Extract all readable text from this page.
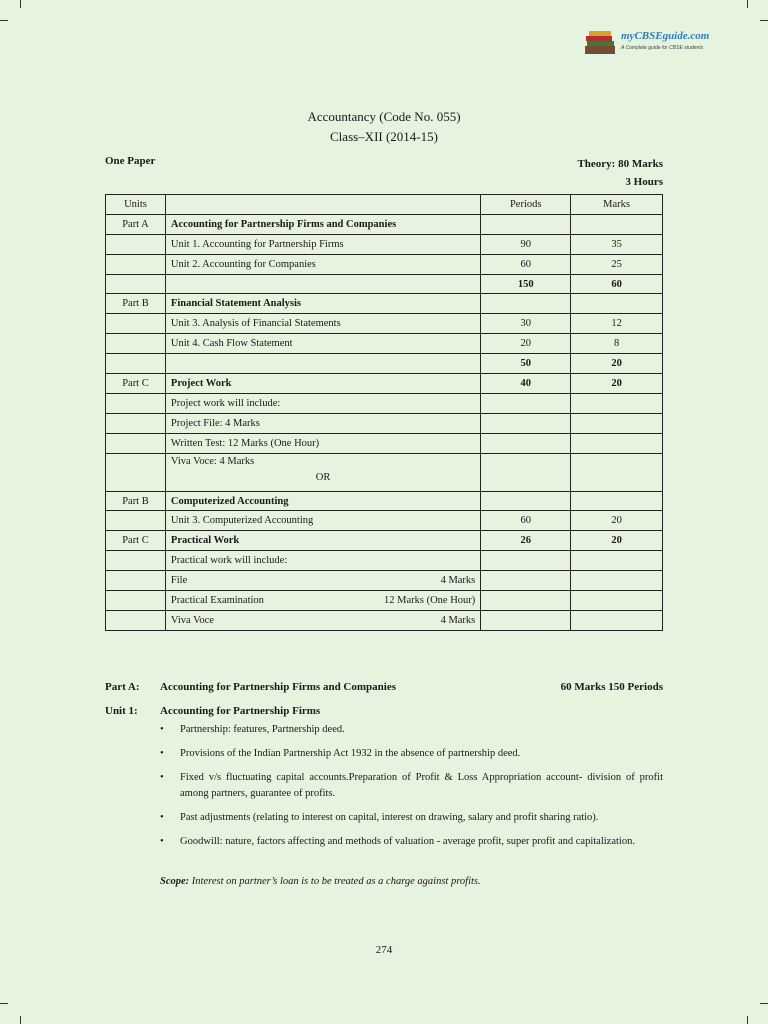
myCBSEguide.com
A Complete guide for CBSE students
Accountancy (Code No. 055)
Class–XII (2014-15)
One Paper	Theory: 80 Marks
3 Hours
Units		Periods	Marks
Part A	Accounting for Partnership Firms and Companies		
	Unit 1. Accounting for Partnership Firms	90	35
	Unit 2. Accounting for Companies	60	25
		150	60
Part B	Financial Statement Analysis		
	Unit 3. Analysis of Financial Statements	30	12
	Unit 4. Cash Flow Statement	20	8
		50	20
Part C	Project Work	40	20
	Project work will include:		
	Project File: 4 Marks		
	Written Test: 12 Marks (One Hour)		

	Viva Voce: 4 Marks
OR		

Part B	Computerized Accounting		
	Unit 3. Computerized Accounting	60	20
Part C	Practical Work	26	20
	Practical work will include:		

	File 4 Marks		

	Practical Examination 12 Marks (One Hour)		

	Viva Voce 4 Marks		

Part A: Accounting for Partnership Firms and Companies	60 Marks 150 Periods
Unit 1: Accounting for Partnership Firms
• Partnership: features, Partnership deed.
• Provisions of the Indian Partnership Act 1932 in the absence of partnership deed.
• Fixed v/s fluctuating capital accounts.Preparation of Profit & Loss Appropriation account- division of profit among partners, guarantee of profits.
• Past adjustments (relating to interest on capital, interest on drawing, salary and profit sharing ratio).
• Goodwill: nature, factors affecting and methods of valuation - average profit, super profit and capitalization.
Scope: Interest on partner’s loan is to be treated as a charge against profits.
274
